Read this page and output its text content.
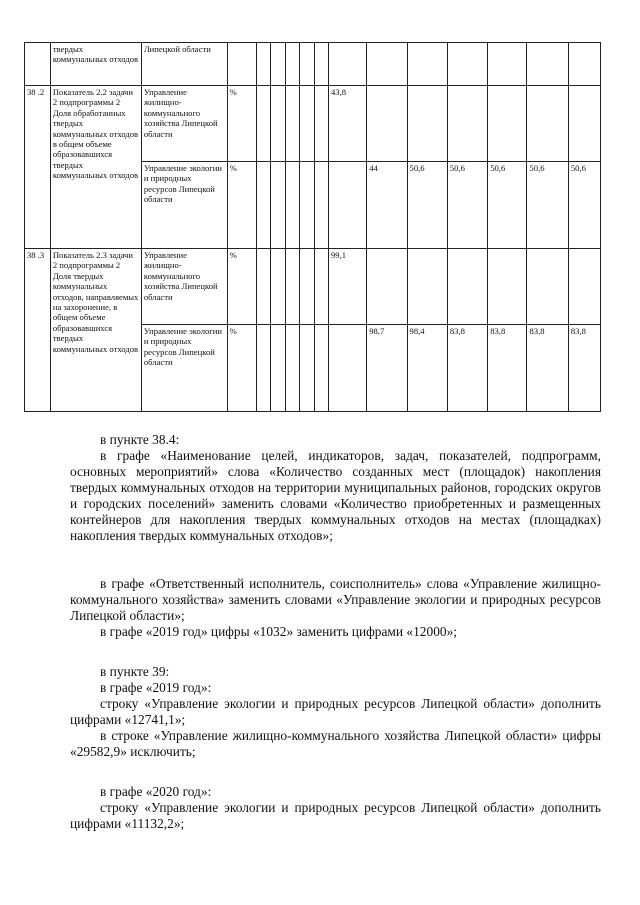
	твердых коммунальных отходов	Липецкой области													
38 .2	Показатель 2.2 задачи 2 подпрограммы 2 Доля обработанных твердых коммунальных отходов в общем объеме образовавшихся твердых коммунальных отходов	Управление жилищно-коммунального хозяйства Липецкой области	%						43,8						
		Управление экологии и природных ресурсов Липецкой области	%							44	50,6	50,6	50,6	50,6	50,6
38 .3	Показатель 2.3 задачи 2 подпрограммы 2 Доля твердых коммунальных отходов, направляемых на захоронение, в общем объеме образовавшихся твердых коммунальных отходов	Управление жилищно-коммунального хозяйства Липецкой области	%						99,1						
		Управление экологии и природных ресурсов Липецкой области	%							98,7	98,4	83,8	83,8	83,8	83,8
в пункте 38.4:
в графе «Наименование целей, индикаторов, задач, показателей, подпрограмм, основных мероприятий» слова «Количество созданных мест (площадок) накопления твердых коммунальных отходов на территории муниципальных районов, городских округов и городских поселений» заменить словами «Количество приобретенных и размещенных контейнеров для накопления твердых коммунальных отходов на местах (площадках) накопления твердых коммунальных отходов»;
в графе «Ответственный исполнитель, соисполнитель» слова «Управление жилищно-коммунального хозяйства» заменить словами «Управление экологии и природных ресурсов Липецкой области»;
в графе «2019 год» цифры «1032» заменить цифрами «12000»;
в пункте 39:
в графе «2019 год»:
строку «Управление экологии и природных ресурсов Липецкой области» дополнить цифрами «12741,1»;
в строке «Управление жилищно-коммунального хозяйства Липецкой области» цифры «29582,9» исключить;
в графе «2020 год»:
строку «Управление экологии и природных ресурсов Липецкой области» дополнить цифрами «11132,2»;
